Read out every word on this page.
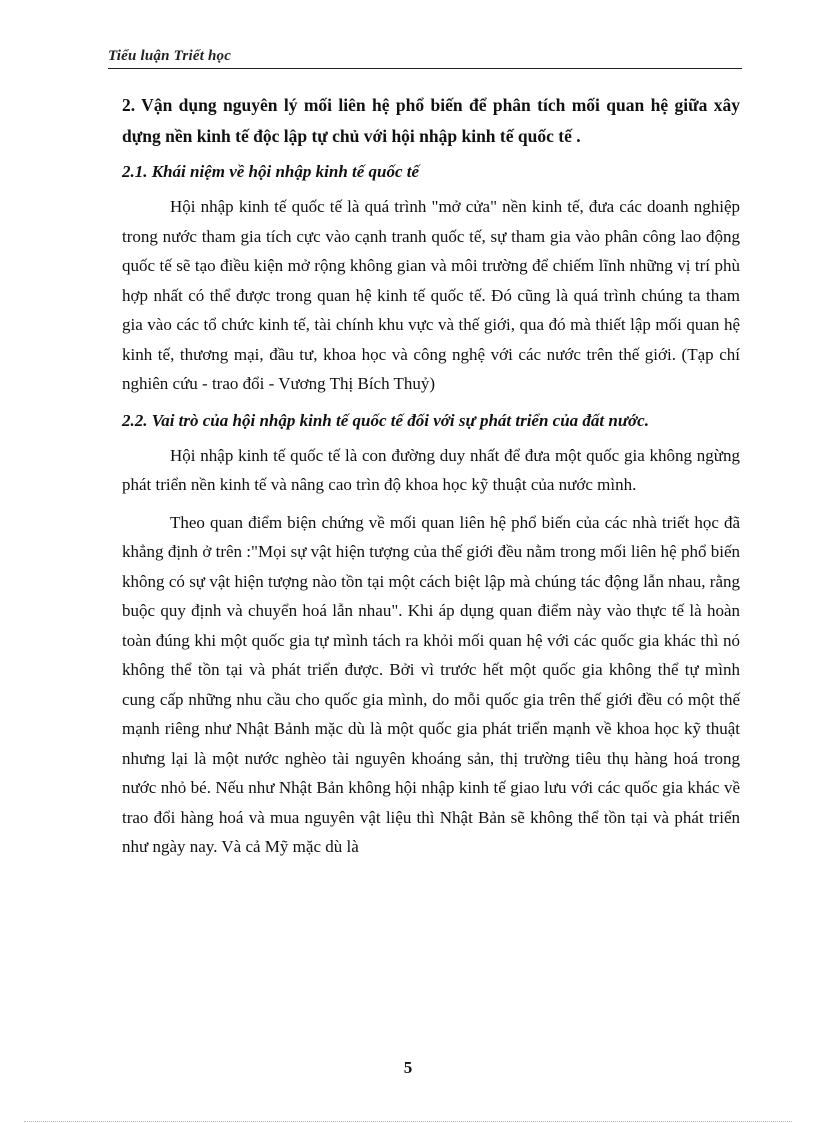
Tiểu luận Triết học

2. Vận dụng nguyên lý mối liên hệ phổ biến để phân tích mối quan hệ giữa xây dựng nền kinh tế độc lập tự chủ với hội nhập kinh tế quốc tế .

2.1. Khái niệm về hội nhập kinh tế quốc tế

Hội nhập kinh tế quốc tế là quá trình "mở cửa" nền kinh tế, đưa các doanh nghiệp trong nước tham gia tích cực vào cạnh tranh quốc tế, sự tham gia vào phân công lao động quốc tế sẽ tạo điều kiện mở rộng không gian và môi trường để chiếm lĩnh những vị trí phù hợp nhất có thể được trong quan hệ kinh tế quốc tế. Đó cũng là quá trình chúng ta tham gia vào các tổ chức kinh tế, tài chính khu vực và thế giới, qua đó mà thiết lập mối quan hệ kinh tế, thương mại, đầu tư, khoa học và công nghệ với các nước trên thế giới. (Tạp chí nghiên cứu - trao đổi - Vương Thị Bích Thuỷ)

2.2. Vai trò của hội nhập kinh tế quốc tế đối với sự phát triển của đất nước.

Hội nhập kinh tế quốc tế là con đường duy nhất để đưa một quốc gia không ngừng phát triển nền kinh tế và nâng cao trìn độ khoa học kỹ thuật của nước mình.

Theo quan điểm biện chứng về mối quan liên hệ phổ biến của các nhà triết học đã khẳng định ở trên :"Mọi sự vật hiện tượng của thế giới đều nằm trong mối liên hệ phổ biến không có sự vật hiện tượng nào tồn tại một cách biệt lập mà chúng tác động lẫn nhau, rằng buộc quy định và chuyển hoá lẫn nhau". Khi áp dụng quan điểm này vào thực tế là hoàn toàn đúng khi một quốc gia tự mình tách ra khỏi mối quan hệ với các quốc gia khác thì nó không thể tồn tại và phát triển được. Bởi vì trước hết một quốc gia không thể tự mình cung cấp những nhu cầu cho quốc gia mình, do mỗi quốc gia trên thế giới đều có một thế mạnh riêng như Nhật Bảnh mặc dù là một quốc gia phát triển mạnh về khoa học kỹ thuật nhưng lại là một nước nghèo tài nguyên khoáng sản, thị trường tiêu thụ hàng hoá trong nước nhỏ bé. Nếu như Nhật Bản không hội nhập kinh tế giao lưu với các quốc gia khác về trao đổi hàng hoá và mua nguyên vật liệu thì Nhật Bản sẽ không thể tồn tại và phát triển như ngày nay. Và cả Mỹ mặc dù là

5
